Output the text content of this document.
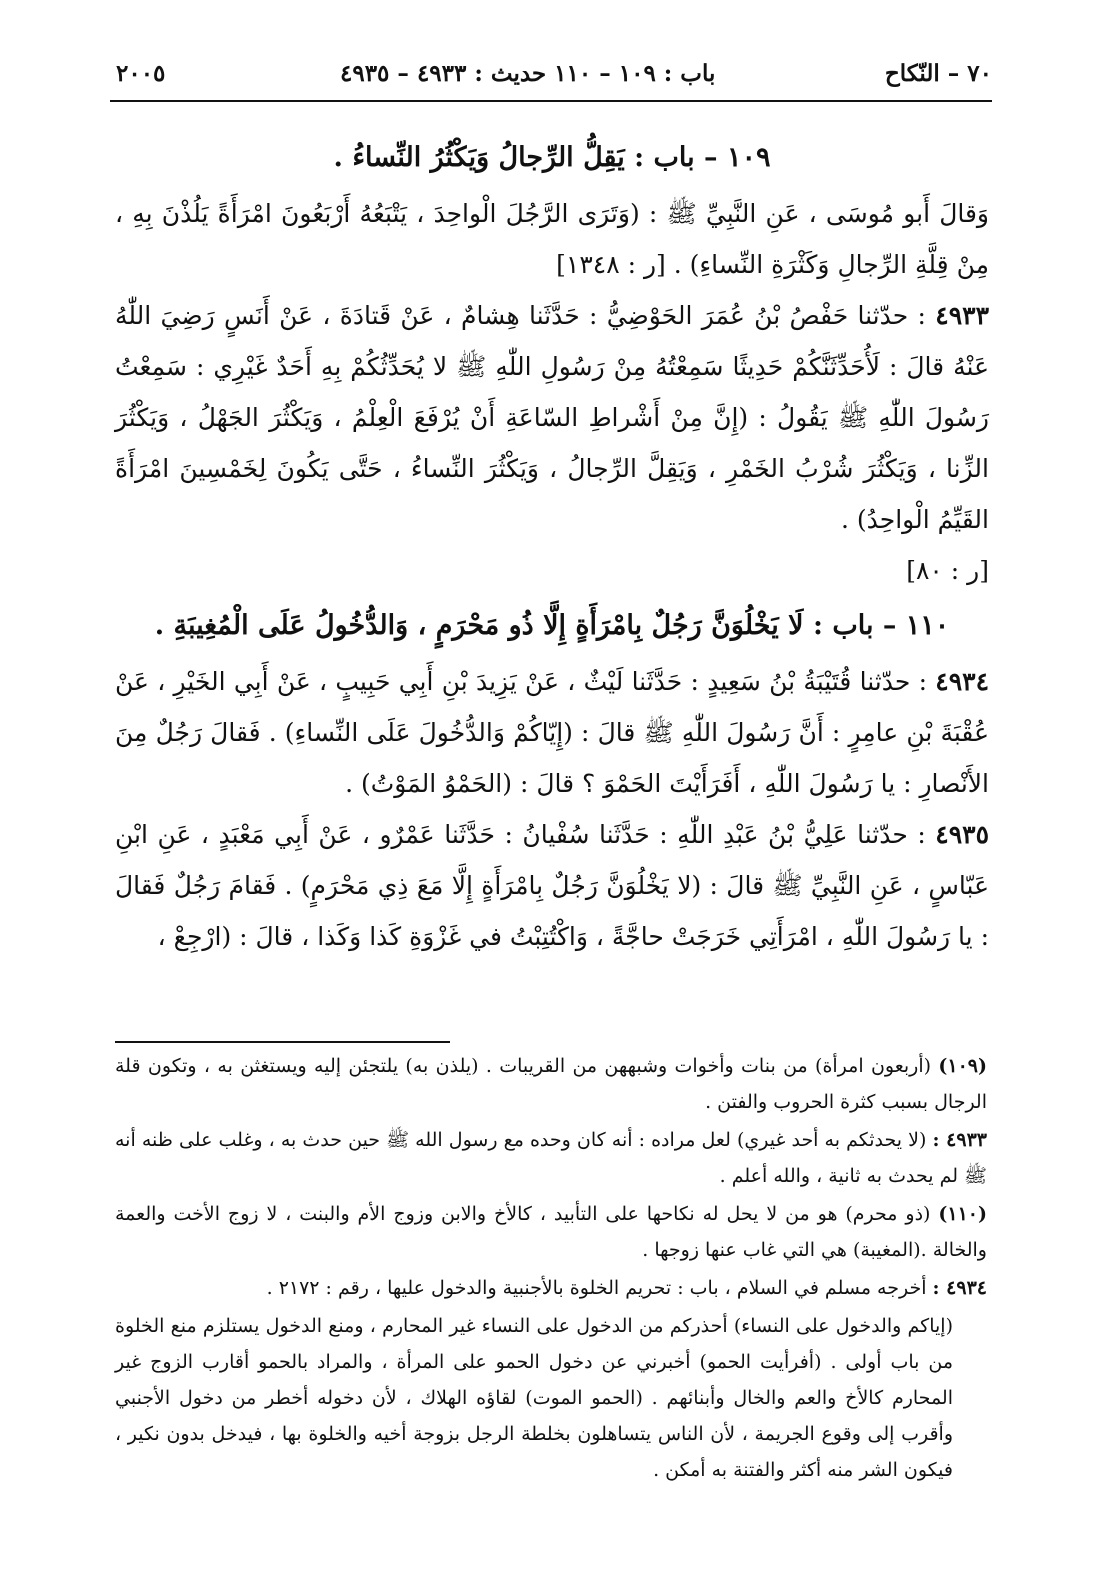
٧٠ – النّكاح
باب : ١٠٩ – ١١٠ حديث : ٤٩٣٣ – ٤٩٣٥
٢٠٠٥

١٠٩ – باب : يَقِلُّ الرِّجالُ وَيَكْثُرُ النِّساءُ .

وَقالَ أَبو مُوسَى ، عَنِ النَّبِيِّ ﷺ : (وَتَرَى الرَّجُلَ الْواحِدَ ، يَتْبَعُهُ أَرْبَعُونَ امْرَأَةً يَلُذْنَ بِهِ ، مِنْ قِلَّةِ الرِّجالِ وَكَثْرَةِ النِّساءِ) . [ر : ١٣٤٨]

٤٩٣٣ : حدّثنا حَفْصُ بْنُ عُمَرَ الحَوْضِيُّ : حَدَّثَنا هِشامٌ ، عَنْ قَتادَةَ ، عَنْ أَنَسٍ رَضِيَ اللّٰهُ عَنْهُ قالَ : لَأُحَدِّثَنَّكُمْ حَدِيثًا سَمِعْتُهُ مِنْ رَسُولِ اللّٰهِ ﷺ لا يُحَدِّثُكُمْ بِهِ أَحَدٌ غَيْرِي : سَمِعْتُ رَسُولَ اللّٰهِ ﷺ يَقُولُ : (إِنَّ مِنْ أَشْراطِ السّاعَةِ أَنْ يُرْفَعَ الْعِلْمُ ، وَيَكْثُرَ الجَهْلُ ، وَيَكْثُرَ الزِّنا ، وَيَكْثُرَ شُرْبُ الخَمْرِ ، وَيَقِلَّ الرِّجالُ ، وَيَكْثُرَ النِّساءُ ، حَتَّى يَكُونَ لِخَمْسِينَ امْرَأَةً القَيِّمُ الْواحِدُ) .

[ر : ٨٠]

١١٠ – باب : لَا يَخْلُوَنَّ رَجُلٌ بِامْرَأَةٍ إِلَّا ذُو مَحْرَمٍ ، وَالدُّخُولُ عَلَى الْمُغِيبَةِ .

٤٩٣٤ : حدّثنا قُتَيْبَةُ بْنُ سَعِيدٍ : حَدَّثَنا لَيْثٌ ، عَنْ يَزِيدَ بْنِ أَبِي حَبِيبٍ ، عَنْ أَبِي الخَيْرِ ، عَنْ عُقْبَةَ بْنِ عامِرٍ : أَنَّ رَسُولَ اللّٰهِ ﷺ قالَ : (إِيّاكُمْ وَالدُّخُولَ عَلَى النِّساءِ) . فَقالَ رَجُلٌ مِنَ الأَنْصارِ : يا رَسُولَ اللّٰهِ ، أَفَرَأَيْتَ الحَمْوَ ؟ قالَ : (الحَمْوُ المَوْتُ) .

٤٩٣٥ : حدّثنا عَلِيُّ بْنُ عَبْدِ اللّٰهِ : حَدَّثَنا سُفْيانُ : حَدَّثَنا عَمْرٌو ، عَنْ أَبِي مَعْبَدٍ ، عَنِ ابْنِ عَبّاسٍ ، عَنِ النَّبِيِّ ﷺ قالَ : (لا يَخْلُوَنَّ رَجُلٌ بِامْرَأَةٍ إِلَّا مَعَ ذِي مَحْرَمٍ) . فَقامَ رَجُلٌ فَقالَ : يا رَسُولَ اللّٰهِ ، امْرَأَتِي خَرَجَتْ حاجَّةً ، وَاكْتُتِبْتُ في غَزْوَةِ كَذا وَكَذا ، قالَ : (ارْجِعْ ،

(١٠٩) (أربعون امرأة) من بنات وأخوات وشبههن من القريبات . (يلذن به) يلتجئن إليه ويستغثن به ، وتكون قلة الرجال بسبب كثرة الحروب والفتن .

٤٩٣٣ : (لا يحدثكم به أحد غيري) لعل مراده : أنه كان وحده مع رسول الله ﷺ حين حدث به ، وغلب على ظنه أنه ﷺ لم يحدث به ثانية ، والله أعلم .

(١١٠) (ذو محرم) هو من لا يحل له نكاحها على التأبيد ، كالأخ والابن وزوج الأم والبنت ، لا زوج الأخت والعمة والخالة .(المغيبة) هي التي غاب عنها زوجها .

٤٩٣٤ : أخرجه مسلم في السلام ، باب : تحريم الخلوة بالأجنبية والدخول عليها ، رقم : ٢١٧٢ .

(إياكم والدخول على النساء) أحذركم من الدخول على النساء غير المحارم ، ومنع الدخول يستلزم منع الخلوة من باب أولى . (أفرأيت الحمو) أخبرني عن دخول الحمو على المرأة ، والمراد بالحمو أقارب الزوج غير المحارم كالأخ والعم والخال وأبنائهم . (الحمو الموت) لقاؤه الهلاك ، لأن دخوله أخطر من دخول الأجنبي وأقرب إلى وقوع الجريمة ، لأن الناس يتساهلون بخلطة الرجل بزوجة أخيه والخلوة بها ، فيدخل بدون نكير ، فيكون الشر منه أكثر والفتنة به أمكن .
